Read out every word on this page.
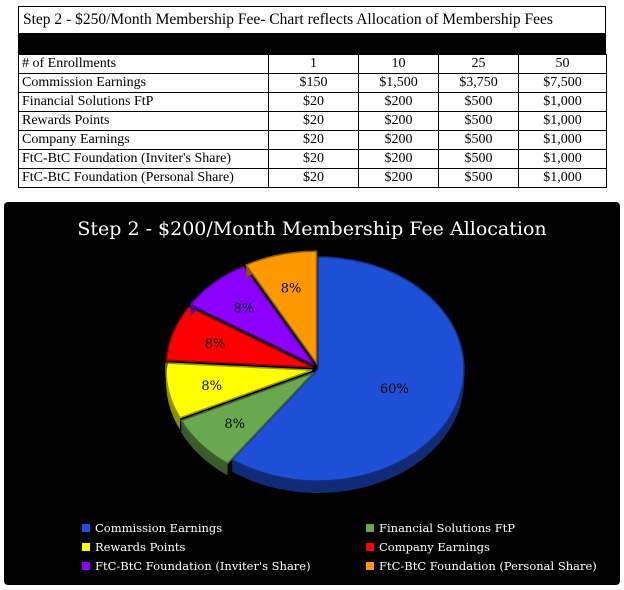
Step 2 - $250/Month Membership Fee- Chart reflects Allocation of Membership Fees
# of Enrollments	1	10	25	50
Commission Earnings	$150	$1,500	$3,750	$7,500
Financial Solutions FtP	$20	$200	$500	$1,000
Rewards Points	$20	$200	$500	$1,000
Company Earnings	$20	$200	$500	$1,000
FtC-BtC Foundation (Inviter's Share)	$20	$200	$500	$1,000
FtC-BtC Foundation (Personal Share)	$20	$200	$500	$1,000
Step 2 - $200/Month Membership Fee Allocation
60%
8%
8%
8%
8%
8%
Commission Earnings	Financial Solutions FtP
Rewards Points	Company Earnings
FtC-BtC Foundation (Inviter's Share)	FtC-BtC Foundation (Personal Share)
